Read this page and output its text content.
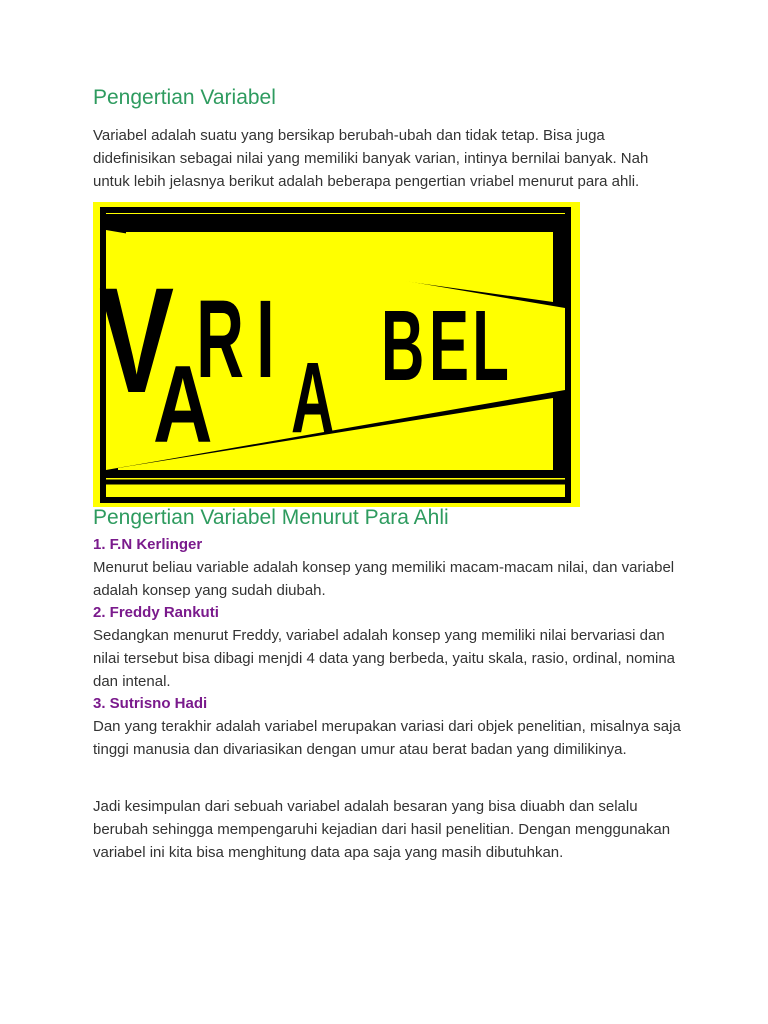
Pengertian Variabel

Variabel adalah suatu yang bersikap berubah-ubah dan tidak tetap. Bisa juga didefinisikan sebagai nilai yang memiliki banyak varian, intinya bernilai banyak. Nah untuk lebih jelasnya berikut adalah beberapa pengertian vriabel menurut para ahli.

V
A
R I A B E L
Pengertian Variabel Menurut Para Ahli
1. F.N Kerlinger

Menurut beliau variable adalah konsep yang memiliki macam-macam nilai, dan variabel adalah konsep yang sudah diubah.

2. Freddy Rankuti

Sedangkan menurut Freddy, variabel adalah konsep yang memiliki nilai bervariasi dan nilai tersebut bisa dibagi menjdi 4 data yang berbeda, yaitu skala, rasio, ordinal, nomina dan intenal.

3. Sutrisno Hadi

Dan yang terakhir adalah variabel merupakan variasi dari objek penelitian, misalnya saja tinggi manusia dan divariasikan dengan umur atau berat badan yang dimilikinya.

Jadi kesimpulan dari sebuah variabel adalah besaran yang bisa diuabh dan selalu berubah sehingga mempengaruhi kejadian dari hasil penelitian. Dengan menggunakan variabel ini kita bisa menghitung data apa saja yang masih dibutuhkan.
